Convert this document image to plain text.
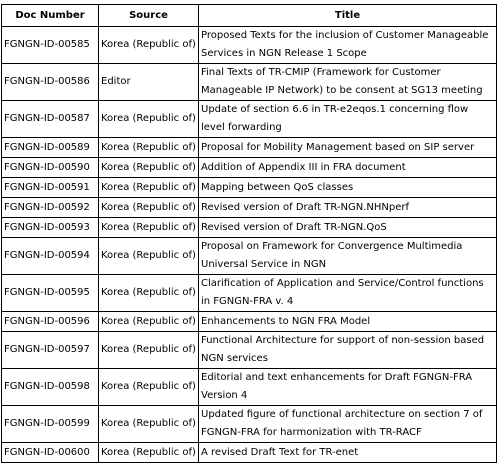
Doc Number	Source	Title
FGNGN-ID-00585	Korea (Republic of)	Proposed Texts for the inclusion of Customer Manageable
Services in NGN Release 1 Scope

FGNGN-ID-00586	Editor	Final Texts of TR-CMIP (Framework for Customer
Manageable IP Network) to be consent at SG13 meeting

FGNGN-ID-00587	Korea (Republic of)	Update of section 6.6 in TR-e2eqos.1 concerning flow
level forwarding

FGNGN-ID-00589	Korea (Republic of)	Proposal for Mobility Management based on SIP server

FGNGN-ID-00590	Korea (Republic of)	Addition of Appendix III in FRA document

FGNGN-ID-00591	Korea (Republic of)	Mapping between QoS classes

FGNGN-ID-00592	Korea (Republic of)	Revised version of Draft TR-NGN.NHNperf

FGNGN-ID-00593	Korea (Republic of)	Revised version of Draft TR-NGN.QoS

FGNGN-ID-00594	Korea (Republic of)	Proposal on Framework for Convergence Multimedia
Universal Service in NGN

FGNGN-ID-00595	Korea (Republic of)	Clarification of Application and Service/Control functions
in FGNGN-FRA v. 4

FGNGN-ID-00596	Korea (Republic of)	Enhancements to NGN FRA Model

FGNGN-ID-00597	Korea (Republic of)	Functional Architecture for support of non-session based
NGN services

FGNGN-ID-00598	Korea (Republic of)	Editorial and text enhancements for Draft FGNGN-FRA
Version 4

FGNGN-ID-00599	Korea (Republic of)	Updated figure of functional architecture on section 7 of
FGNGN-FRA for harmonization with TR-RACF

FGNGN-ID-00600	Korea (Republic of)	A revised Draft Text for TR-enet
